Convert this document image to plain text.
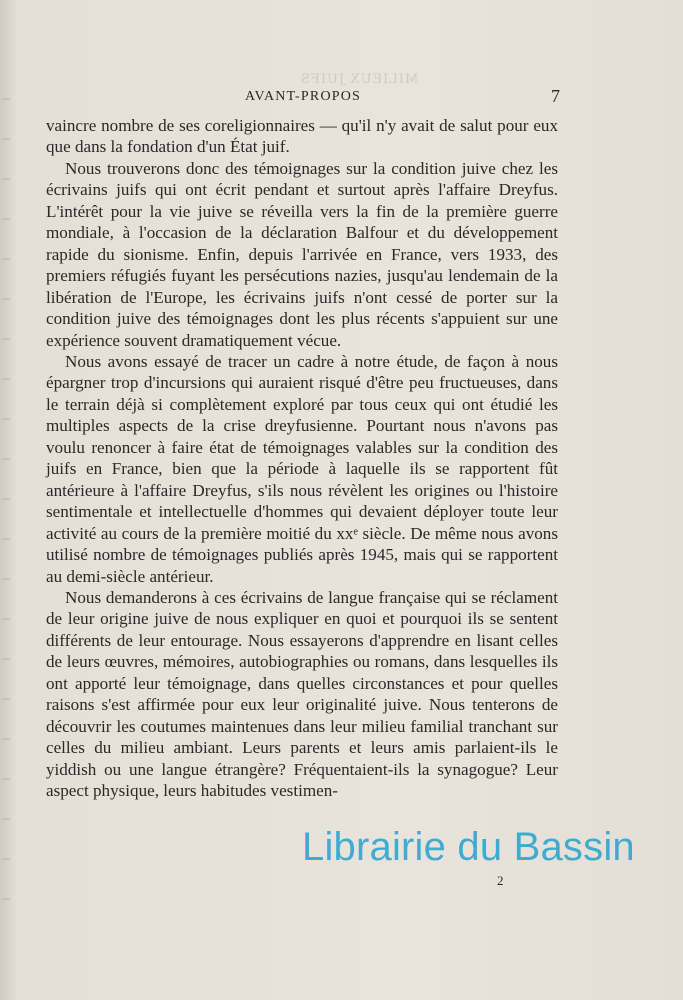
MILIEUX JUIFS
AVANT-PROPOS	7

vaincre nombre de ses coreligionnaires — qu'il n'y avait de salut pour eux que dans la fondation d'un État juif.

Nous trouverons donc des témoignages sur la condition juive chez les écrivains juifs qui ont écrit pendant et surtout après l'affaire Dreyfus. L'intérêt pour la vie juive se réveilla vers la fin de la première guerre mondiale, à l'occasion de la déclaration Balfour et du développement rapide du sionisme. Enfin, depuis l'arrivée en France, vers 1933, des premiers réfugiés fuyant les persécutions nazies, jusqu'au lendemain de la libération de l'Europe, les écrivains juifs n'ont cessé de porter sur la condition juive des témoignages dont les plus récents s'appuient sur une expérience souvent dramatiquement vécue.

Nous avons essayé de tracer un cadre à notre étude, de façon à nous épargner trop d'incursions qui auraient risqué d'être peu fructueuses, dans le terrain déjà si complètement exploré par tous ceux qui ont étudié les multiples aspects de la crise dreyfusienne. Pourtant nous n'avons pas voulu renoncer à faire état de témoignages valables sur la condition des juifs en France, bien que la période à laquelle ils se rapportent fût antérieure à l'affaire Dreyfus, s'ils nous révèlent les origines ou l'histoire sentimentale et intellectuelle d'hommes qui devaient déployer toute leur activité au cours de la première moitié du xxᵉ siècle. De même nous avons utilisé nombre de témoignages publiés après 1945, mais qui se rapportent au demi-siècle antérieur.

Nous demanderons à ces écrivains de langue française qui se réclament de leur origine juive de nous expliquer en quoi et pourquoi ils se sentent différents de leur entourage. Nous essayerons d'apprendre en lisant celles de leurs œuvres, mémoires, autobiographies ou romans, dans lesquelles ils ont apporté leur témoignage, dans quelles circonstances et pour quelles raisons s'est affirmée pour eux leur originalité juive. Nous tenterons de découvrir les coutumes maintenues dans leur milieu familial tranchant sur celles du milieu ambiant. Leurs parents et leurs amis parlaient-ils le yiddish ou une langue étrangère? Fréquentaient-ils la synagogue? Leur aspect physique, leurs habitudes vestimen-

2
Librairie du Bassin
